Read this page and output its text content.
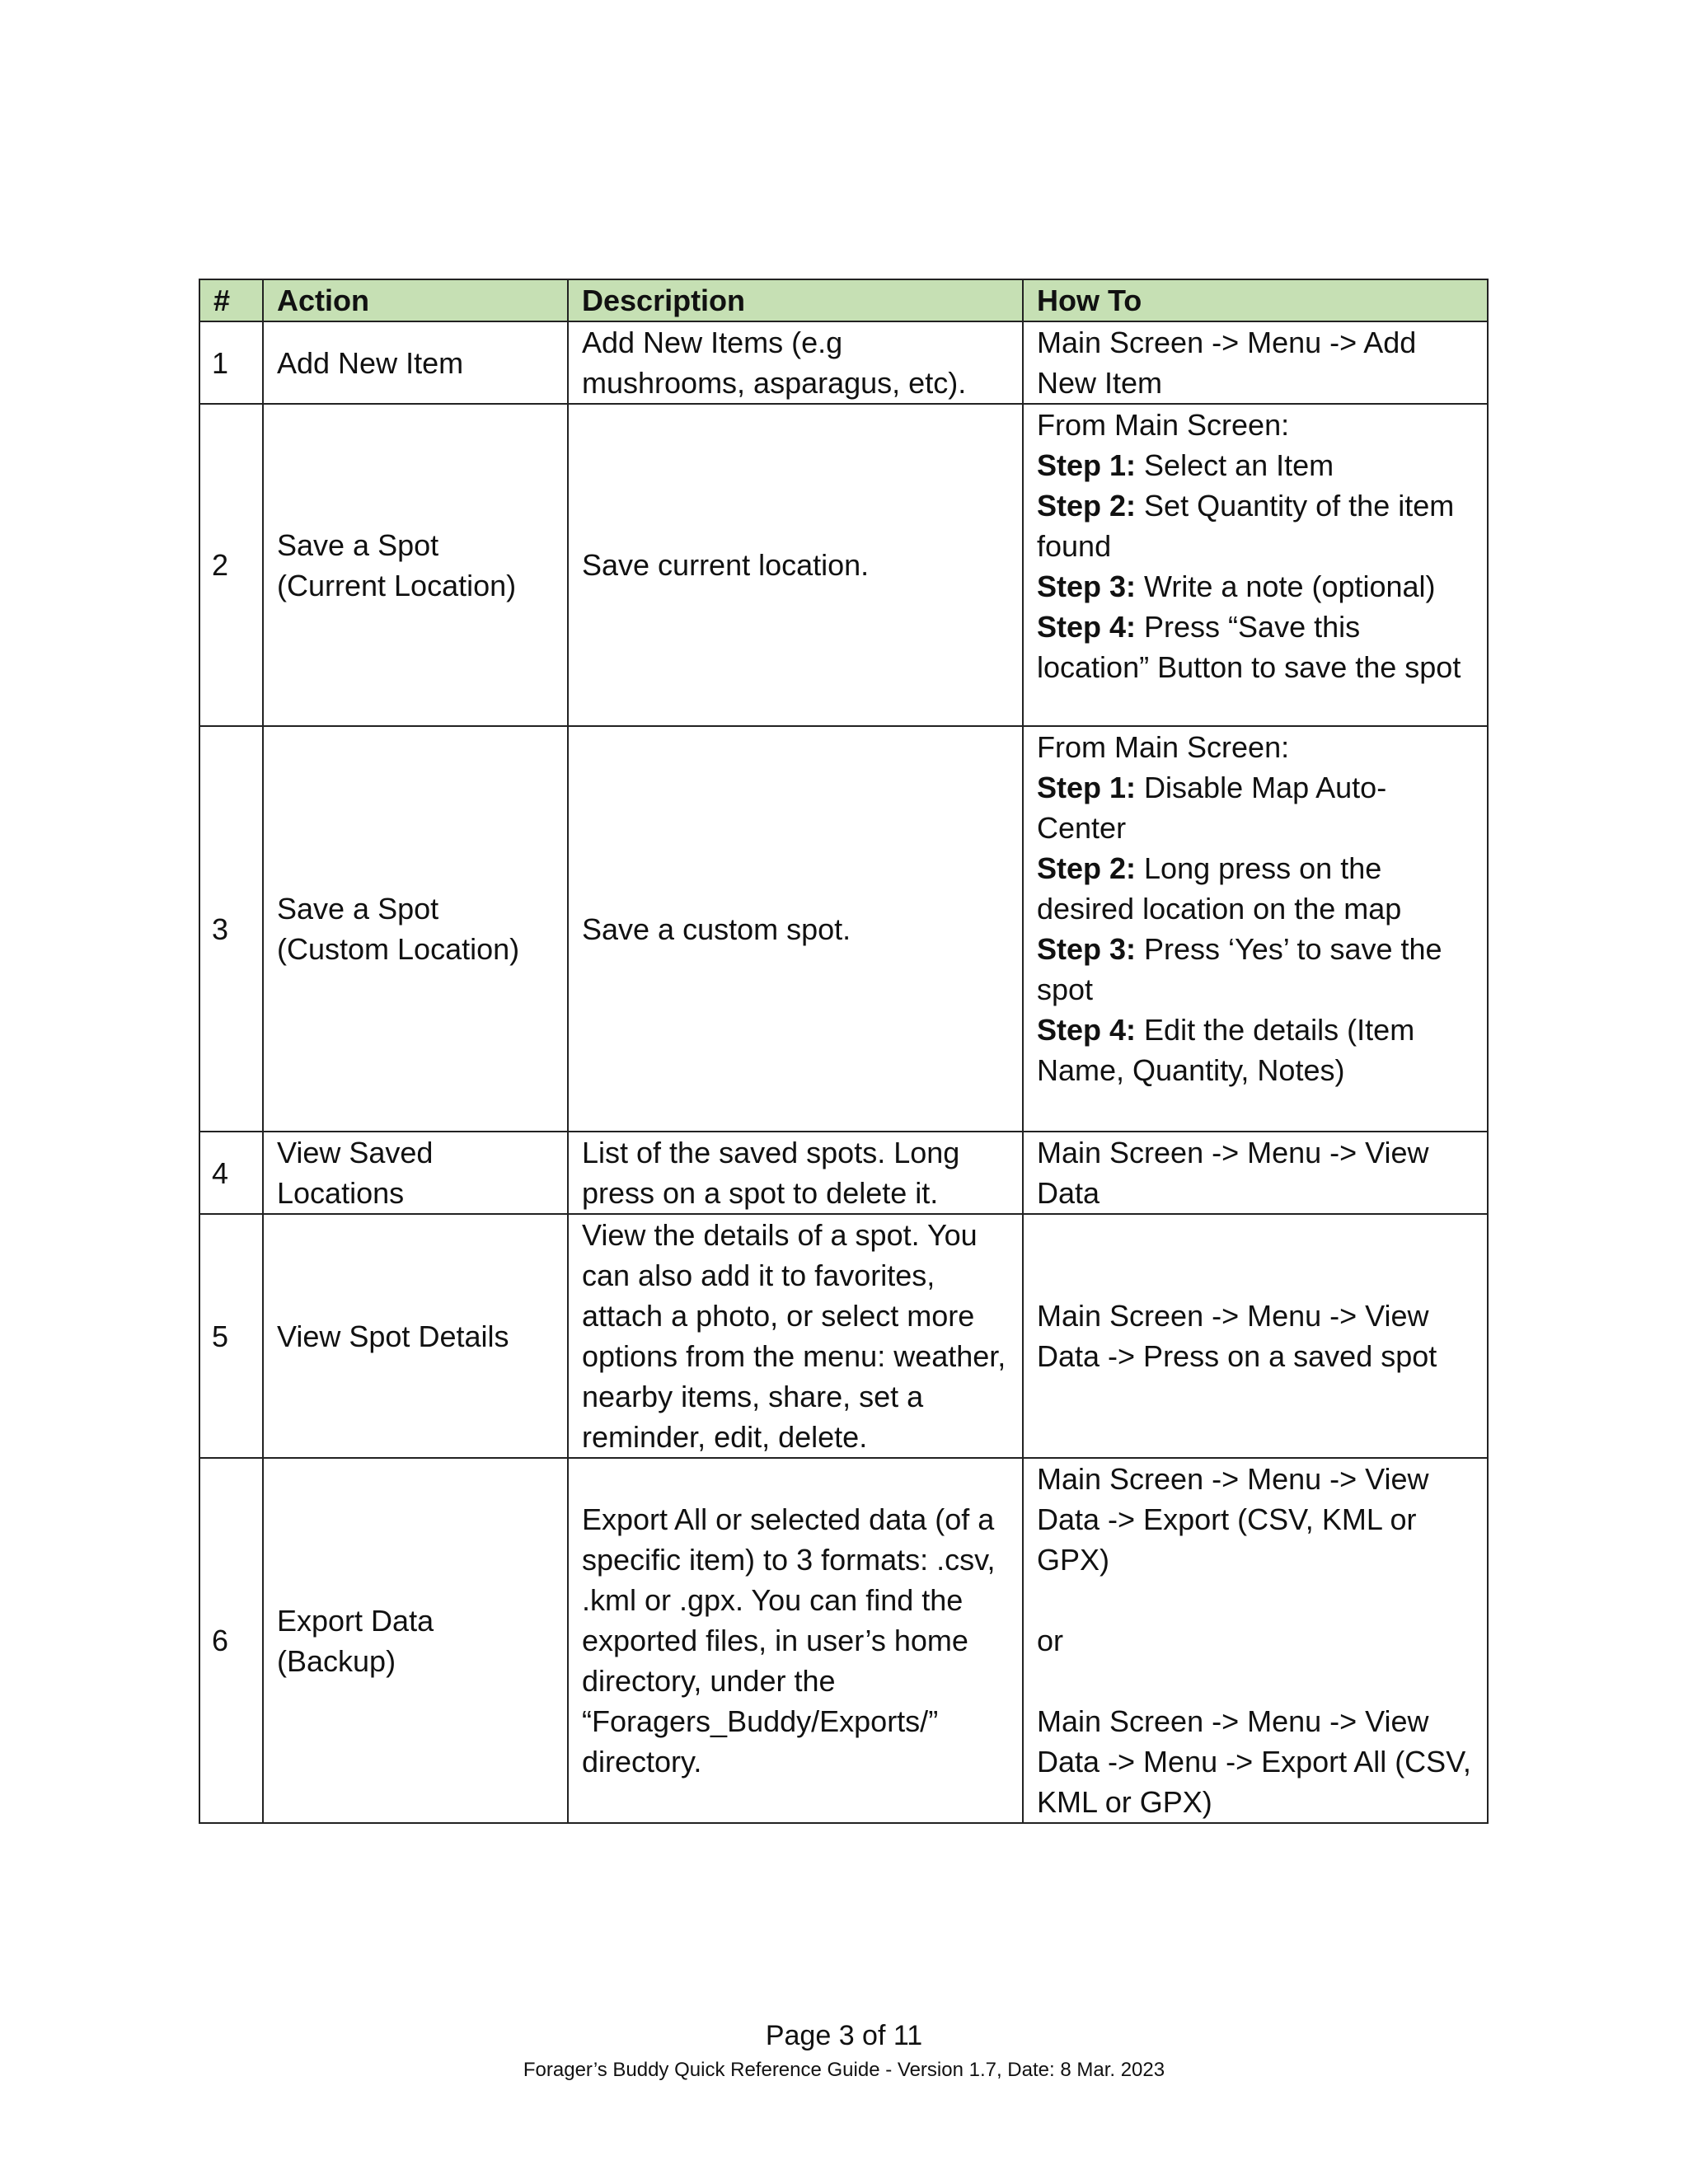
#	Action	Description	How To
1	Add New Item	Add New Items (e.g mushrooms, asparagus, etc).	Main Screen -> Menu -> Add New Item

2	Save a Spot (Current Location)	Save current location.	From Main Screen:
Step 1: Select an Item
Step 2: Set Quantity of the item found
Step 3: Write a note (optional)
Step 4: Press “Save this location” Button to save the spot

3	Save a Spot (Custom Location)	Save a custom spot.	From Main Screen:
Step 1: Disable Map Auto-Center
Step 2: Long press on the desired location on the map
Step 3: Press ‘Yes’ to save the spot
Step 4: Edit the details (Item Name, Quantity, Notes)

4	View Saved Locations	List of the saved spots. Long press on a spot to delete it.	Main Screen -> Menu -> View Data

5	View Spot Details	View the details of a spot. You can also add it to favorites, attach a photo, or select more options from the menu: weather, nearby items, share, set a reminder, edit, delete.	Main Screen -> Menu -> View Data -> Press on a saved spot

6	Export Data (Backup)	Export All or selected data (of a specific item) to 3 formats: .csv, .kml or .gpx. You can find the exported files, in user’s home directory, under the “Foragers_Buddy/Exports/” directory.	Main Screen -> Menu -> View Data -> Export (CSV, KML or GPX)

or

Main Screen -> Menu -> View Data -> Menu -> Export All (CSV, KML or GPX)
Page 3 of 11
Forager’s Buddy Quick Reference Guide - Version 1.7, Date: 8 Mar. 2023
